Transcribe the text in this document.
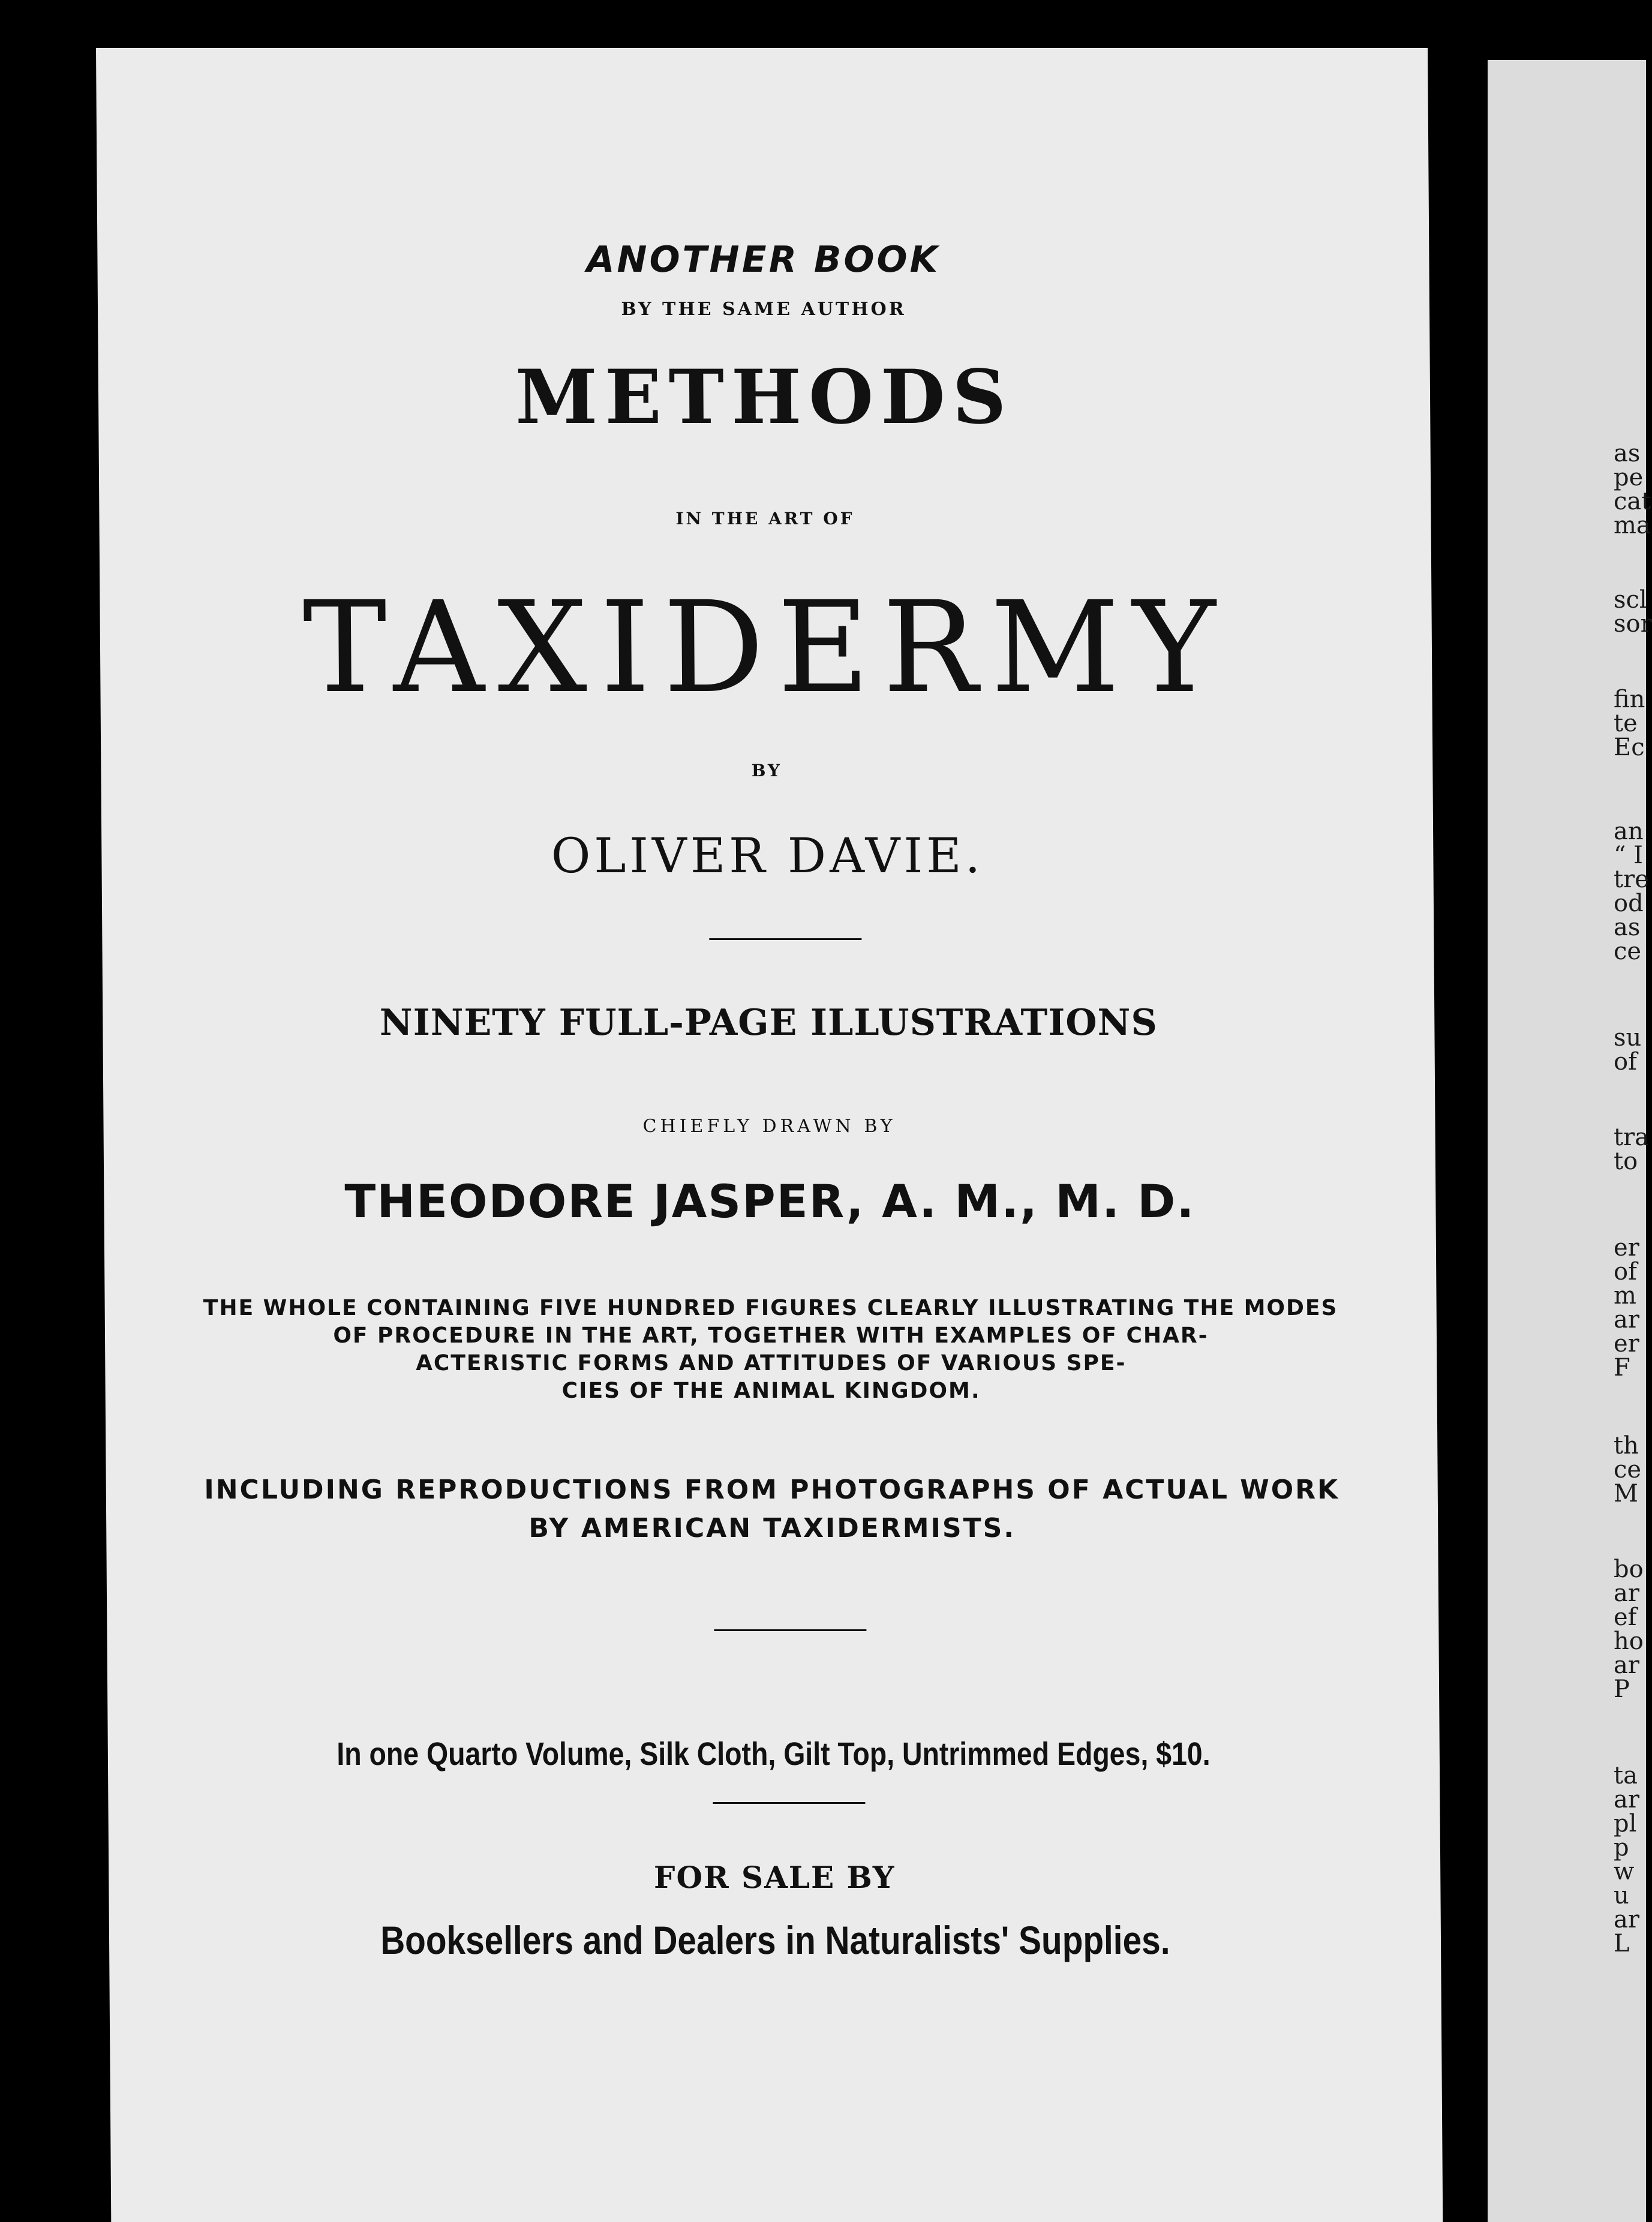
ANOTHER BOOK
BY THE SAME AUTHOR
METHODS
IN THE ART OF
TAXIDERMY
BY
OLIVER DAVIE.
NINETY FULL-PAGE ILLUSTRATIONS
CHIEFLY DRAWN BY
THEODORE JASPER, A. M., M. D.
THE WHOLE CONTAINING FIVE HUNDRED FIGURES CLEARLY ILLUSTRATING THE MODES
OF PROCEDURE IN THE ART, TOGETHER WITH EXAMPLES OF CHAR-
ACTERISTIC FORMS AND ATTITUDES OF VARIOUS SPE-
CIES OF THE ANIMAL KINGDOM.
INCLUDING REPRODUCTIONS FROM PHOTOGRAPHS OF ACTUAL WORK
BY AMERICAN TAXIDERMISTS.
In one Quarto Volume, Silk Cloth, Gilt Top, Untrimmed Edges, $10.
FOR SALE BY
Booksellers and Dealers in Naturalists' Supplies.
as
pe
cat
ma
scl
sor
fin
te
Ec
an
“ I
tre
od
as
ce
su
of
tra
to
er
of
m
ar
er
F
th
ce
M
bo
ar
ef
ho
ar
P
ta
ar
pl
p
w
u
ar
L
